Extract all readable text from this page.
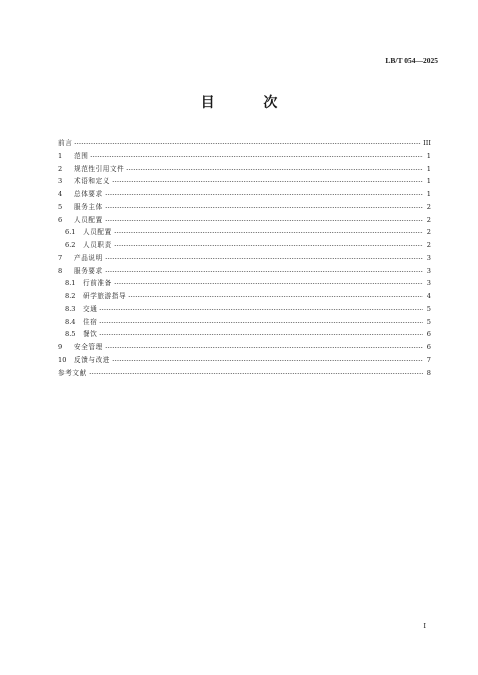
LB/T 054—2025
目 次
前言	III
1	范围	1
2	规范性引用文件	1
3	术语和定义	1
4	总体要求	1
5	服务主体	2
6	人员配置	2
6.1	人员配置	2
6.2	人员职责	2
7	产品说明	3
8	服务要求	3
8.1	行前准备	3
8.2	研学旅游指导	4
8.3	交通	5
8.4	住宿	5
8.5	餐饮	6
9	安全管理	6
10	反馈与改进	7
参考文献	8
I
